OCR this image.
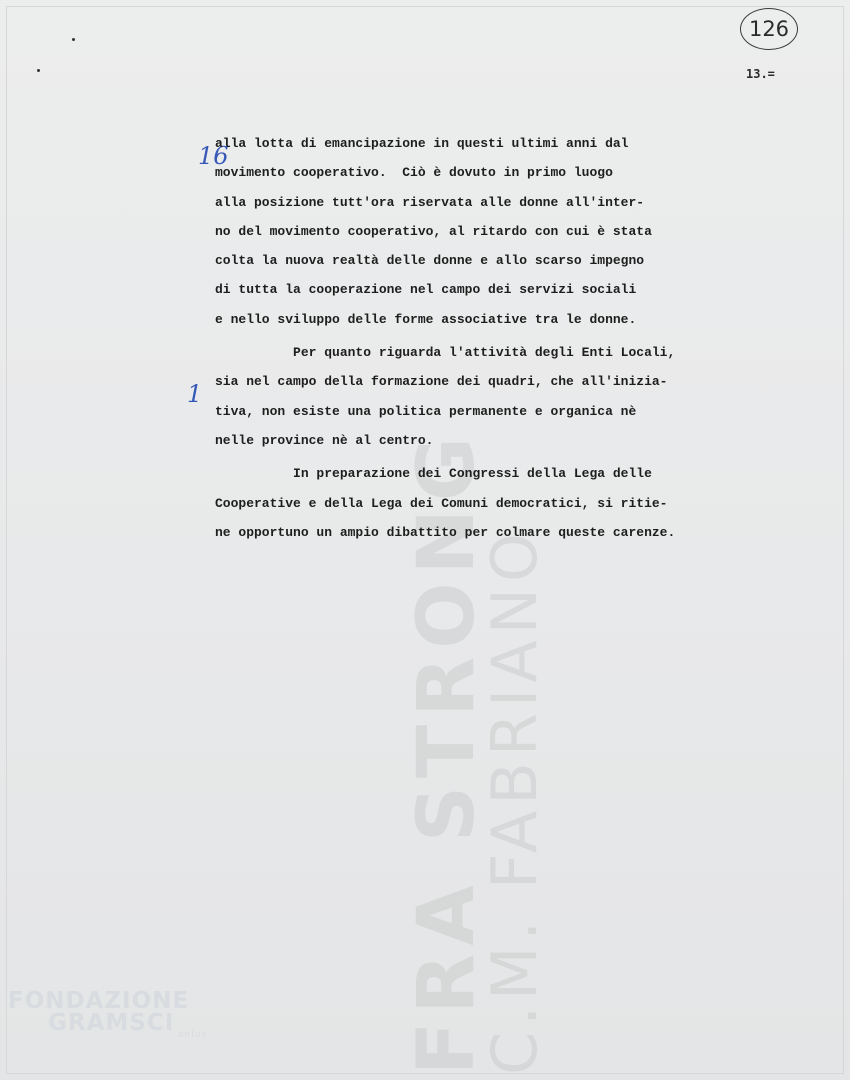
FRA STRONG
C.M. FABRIANO
126
13.=
16
1
alla lotta di emancipazione in questi ultimi anni dal
movimento cooperativo.  Ciò è dovuto in primo luogo
alla posizione tutt'ora riservata alle donne all'inter-
no del movimento cooperativo, al ritardo con cui è stata
colta la nuova realtà delle donne e allo scarso impegno
di tutta la cooperazione nel campo dei servizi sociali
e nello sviluppo delle forme associative tra le donne.
Per quanto riguarda l'attività degli Enti Locali,
sia nel campo della formazione dei quadri, che all'inizia-
tiva, non esiste una politica permanente e organica nè
nelle province nè al centro.
In preparazione dei Congressi della Lega delle
Cooperative e della Lega dei Comuni democratici, si ritie-
ne opportuno un ampio dibattito per colmare queste carenze.
FONDAZIONE
GRAMSCI onlus
